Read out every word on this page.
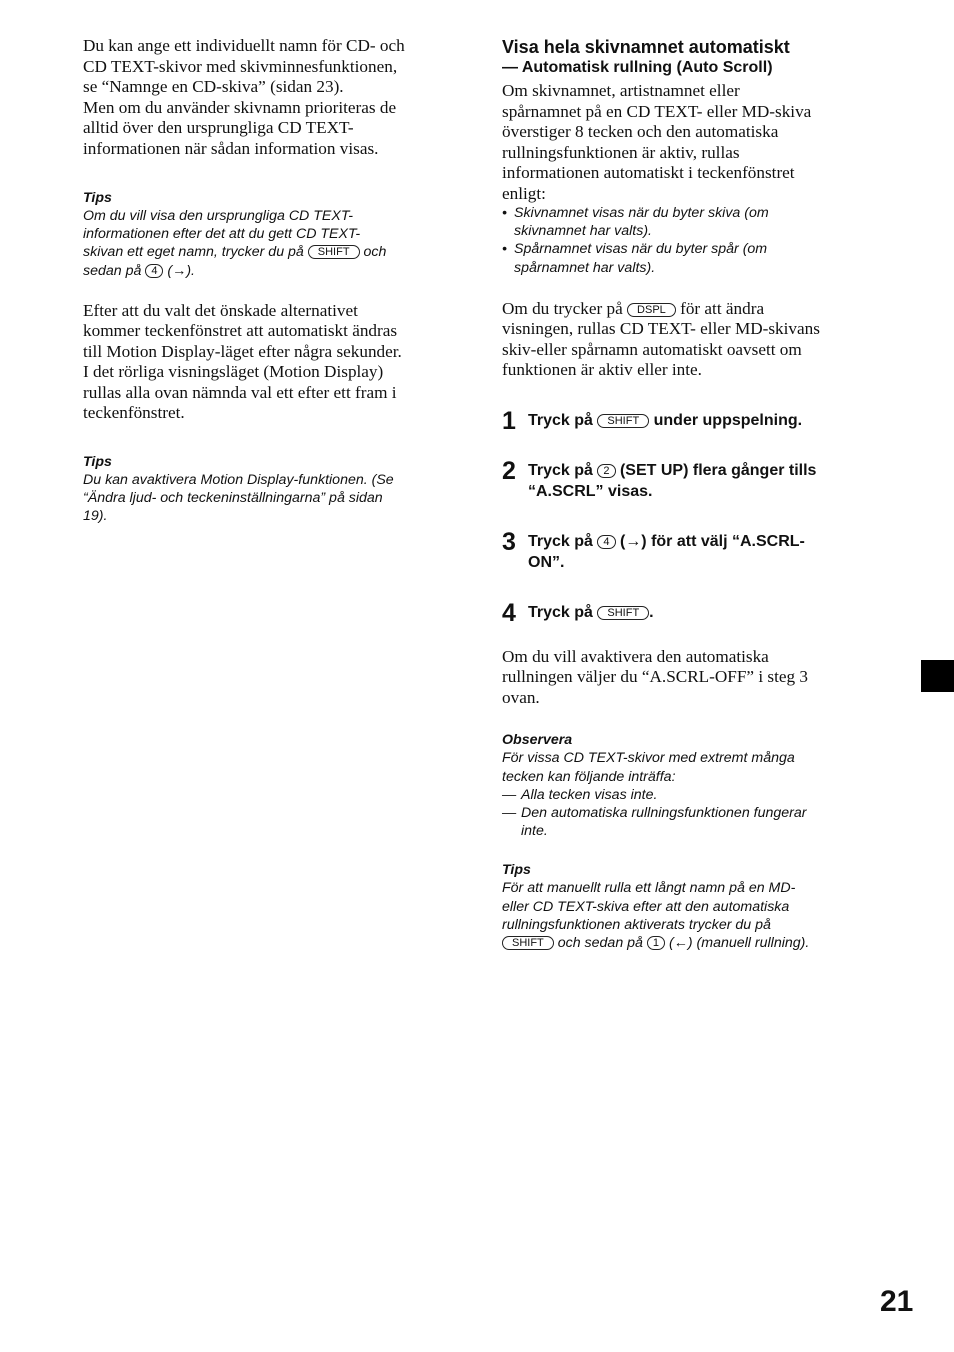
Du kan ange ett individuellt namn för CD- och
CD TEXT-skivor med skivminnesfunktionen,
se “Namnge en CD-skiva” (sidan 23).
Men om du använder skivnamn prioriteras de
alltid över den ursprungliga CD TEXT-
informationen när sådan information visas.
Tips
Om du vill visa den ursprungliga CD TEXT-
informationen efter det att du gett CD TEXT-
skivan ett eget namn, trycker du på SHIFT och
sedan på 4 (→).
Efter att du valt det önskade alternativet
kommer teckenfönstret att automatiskt ändras
till Motion Display-läget efter några sekunder.
I det rörliga visningsläget (Motion Display)
rullas alla ovan nämnda val ett efter ett fram i
teckenfönstret.
Tips
Du kan avaktivera Motion Display-funktionen. (Se
“Ändra ljud- och teckeninställningarna” på sidan
19).
Visa hela skivnamnet automatiskt
— Automatisk rullning (Auto Scroll)
Om skivnamnet, artistnamnet eller
spårnamnet på en CD TEXT- eller MD-skiva
överstiger 8 tecken och den automatiska
rullningsfunktionen är aktiv, rullas
informationen automatiskt i teckenfönstret
enligt:
• Skivnamnet visas när du byter skiva (om
skivnamnet har valts).
• Spårnamnet visas när du byter spår (om
spårnamnet har valts).
Om du trycker på DSPL för att ändra
visningen, rullas CD TEXT- eller MD-skivans
skiv-eller spårnamn automatiskt oavsett om
funktionen är aktiv eller inte.
1 Tryck på SHIFT under uppspelning.
2 Tryck på 2 (SET UP) flera gånger tills
“A.SCRL” visas.
3 Tryck på 4 (→) för att välj “A.SCRL-
ON”.
4 Tryck på SHIFT .
Om du vill avaktivera den automatiska
rullningen väljer du “A.SCRL-OFF” i steg 3
ovan.
Observera
För vissa CD TEXT-skivor med extremt många
tecken kan följande inträffa:
— Alla tecken visas inte.
— Den automatiska rullningsfunktionen fungerar
inte.
Tips
För att manuellt rulla ett långt namn på en MD-
eller CD TEXT-skiva efter att den automatiska
rullningsfunktionen aktiverats trycker du på
SHIFT och sedan på 1 (←) (manuell rullning).
21
